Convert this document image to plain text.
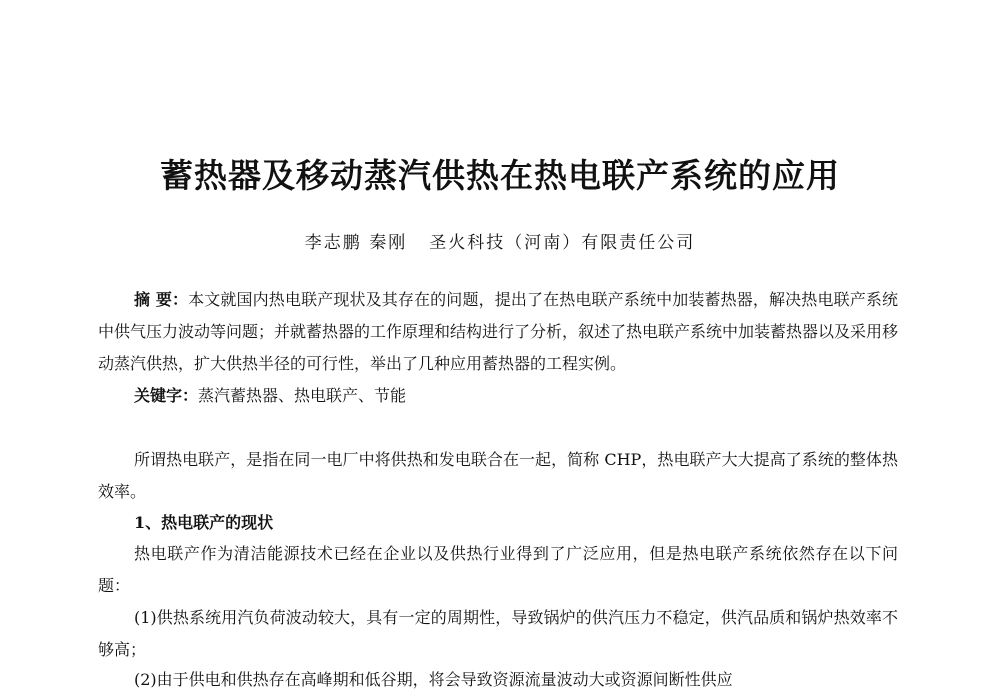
蓄热器及移动蒸汽供热在热电联产系统的应用
李志鹏 秦刚 圣火科技（河南）有限责任公司
摘 要：本文就国内热电联产现状及其存在的问题，提出了在热电联产系统中加装蓄热器，解决热电联产系统中供气压力波动等问题；并就蓄热器的工作原理和结构进行了分析，叙述了热电联产系统中加装蓄热器以及采用移动蒸汽供热，扩大供热半径的可行性，举出了几种应用蓄热器的工程实例。
关键字：蒸汽蓄热器、热电联产、节能
所谓热电联产，是指在同一电厂中将供热和发电联合在一起，简称 CHP，热电联产大大提高了系统的整体热效率。
1、热电联产的现状
热电联产作为清洁能源技术已经在企业以及供热行业得到了广泛应用，但是热电联产系统依然存在以下问题：
(1)供热系统用汽负荷波动较大，具有一定的周期性，导致锅炉的供汽压力不稳定，供汽品质和锅炉热效率不够高；
(2)由于供电和供热存在高峰期和低谷期，将会导致资源流量波动大或资源间断性供应
